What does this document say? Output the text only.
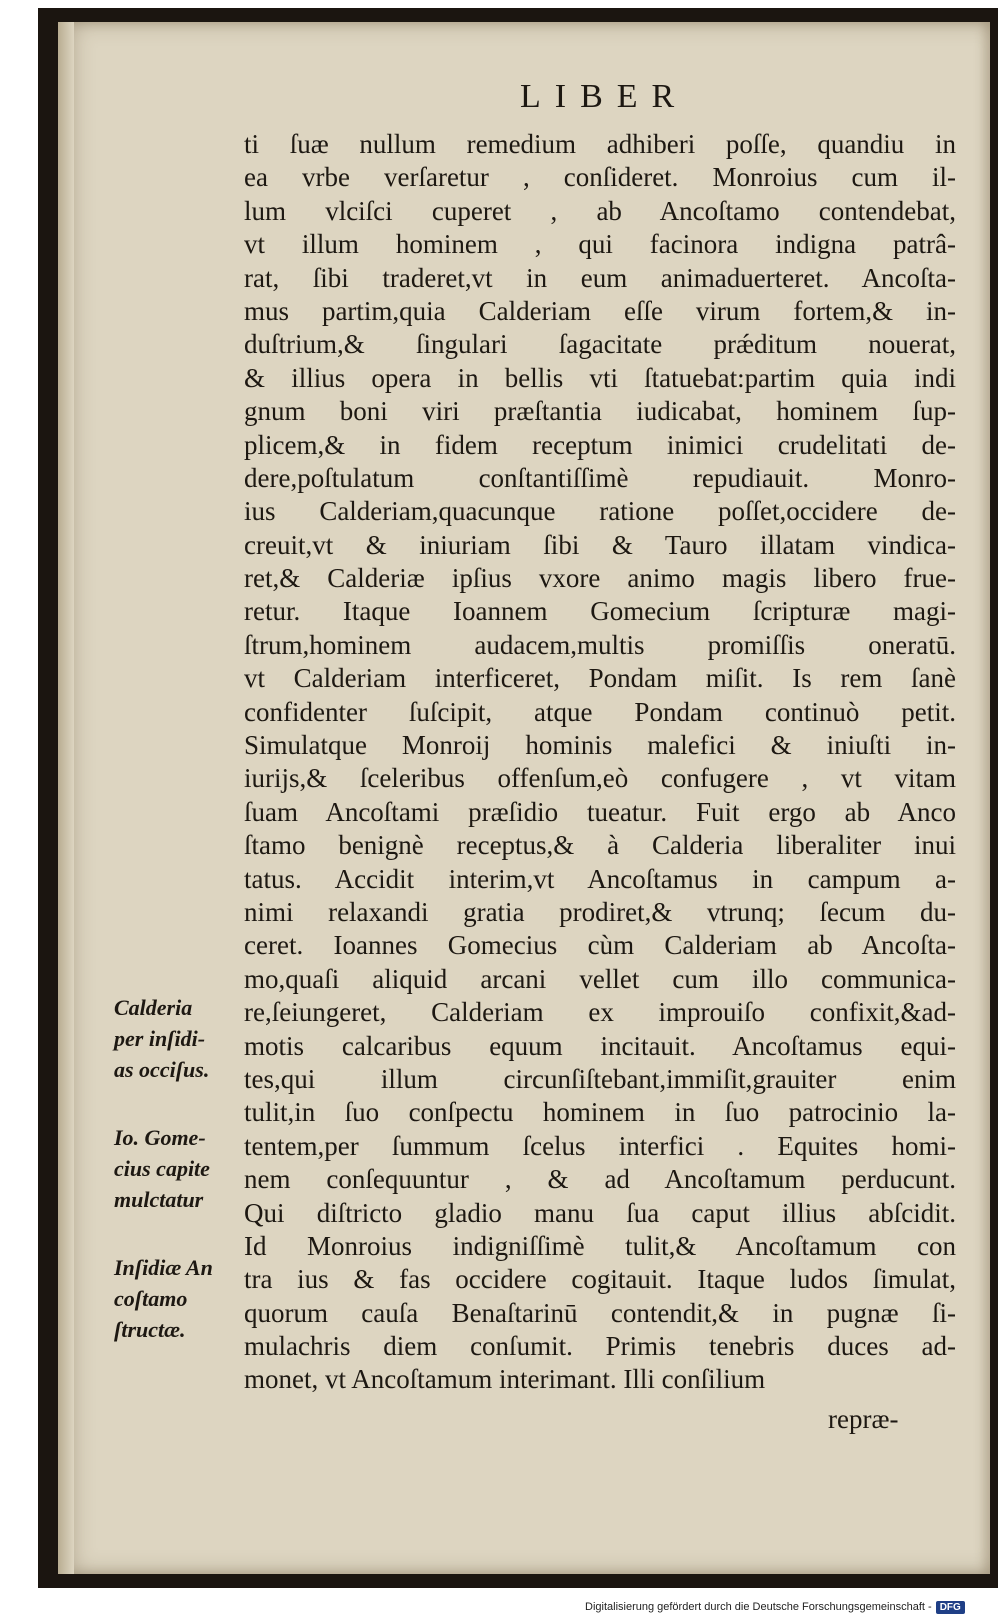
LIBER
ti ſuæ nullum remedium adhiberi poſſe, quandiu in
ea vrbe verſaretur , conſideret. Monroius cum il-
lum vlciſci cuperet , ab Ancoſtamo contendebat,
vt illum hominem , qui facinora indigna patrâ-
rat, ſibi traderet,vt in eum animaduerteret. Ancoſta-
mus partim,quia Calderiam eſſe virum fortem,& in-
duſtrium,& ſingulari ſagacitate prǽditum nouerat,
& illius opera in bellis vti ſtatuebat:partim quia indi
gnum boni viri præſtantia iudicabat, hominem ſup-
plicem,& in fidem receptum inimici crudelitati de-
dere,poſtulatum conſtantiſſimè repudiauit. Monro-
ius Calderiam,quacunque ratione poſſet,occidere de-
creuit,vt & iniuriam ſibi & Tauro illatam vindica-
ret,& Calderiæ ipſius vxore animo magis libero frue-
retur. Itaque Ioannem Gomecium ſcripturæ magi-
ſtrum,hominem audacem,multis promiſſis oneratū.
vt Calderiam interficeret, Pondam miſit. Is rem ſanè
confidenter ſuſcipit, atque Pondam continuò petit.
Simulatque Monroij hominis malefici & iniuſti in-
iurijs,& ſceleribus offenſum,eò confugere , vt vitam
ſuam Ancoſtami præſidio tueatur. Fuit ergo ab Anco
ſtamo benignè receptus,& à Calderia liberaliter inui
tatus. Accidit interim,vt Ancoſtamus in campum a-
nimi relaxandi gratia prodiret,& vtrunq; ſecum du-
ceret. Ioannes Gomecius cùm Calderiam ab Ancoſta-
mo,quaſi aliquid arcani vellet cum illo communica-
re,ſeiungeret, Calderiam ex improuiſo confixit,&ad-
motis calcaribus equum incitauit. Ancoſtamus equi-
tes,qui illum circunſiſtebant,immiſit,grauiter enim
tulit,in ſuo conſpectu hominem in ſuo patrocinio la-
tentem,per ſummum ſcelus interfici . Equites homi-
nem conſequuntur , & ad Ancoſtamum perducunt.
Qui diſtricto gladio manu ſua caput illius abſcidit.
Id Monroius indigniſſimè tulit,& Ancoſtamum con
tra ius & fas occidere cogitauit. Itaque ludos ſimulat,
quorum cauſa Benaſtarinū contendit,& in pugnæ ſi-
mulachris diem conſumit. Primis tenebris duces ad-
monet, vt Ancoſtamum interimant. Illi conſilium
Calderia
per inſidi-
as occiſus.
Io. Gome-
cius capite
mulctatur
Inſidiæ An
coſtamo
ſtructæ.
repræ-
Digitalisierung gefördert durch die Deutsche Forschungsgemeinschaft - DFG
